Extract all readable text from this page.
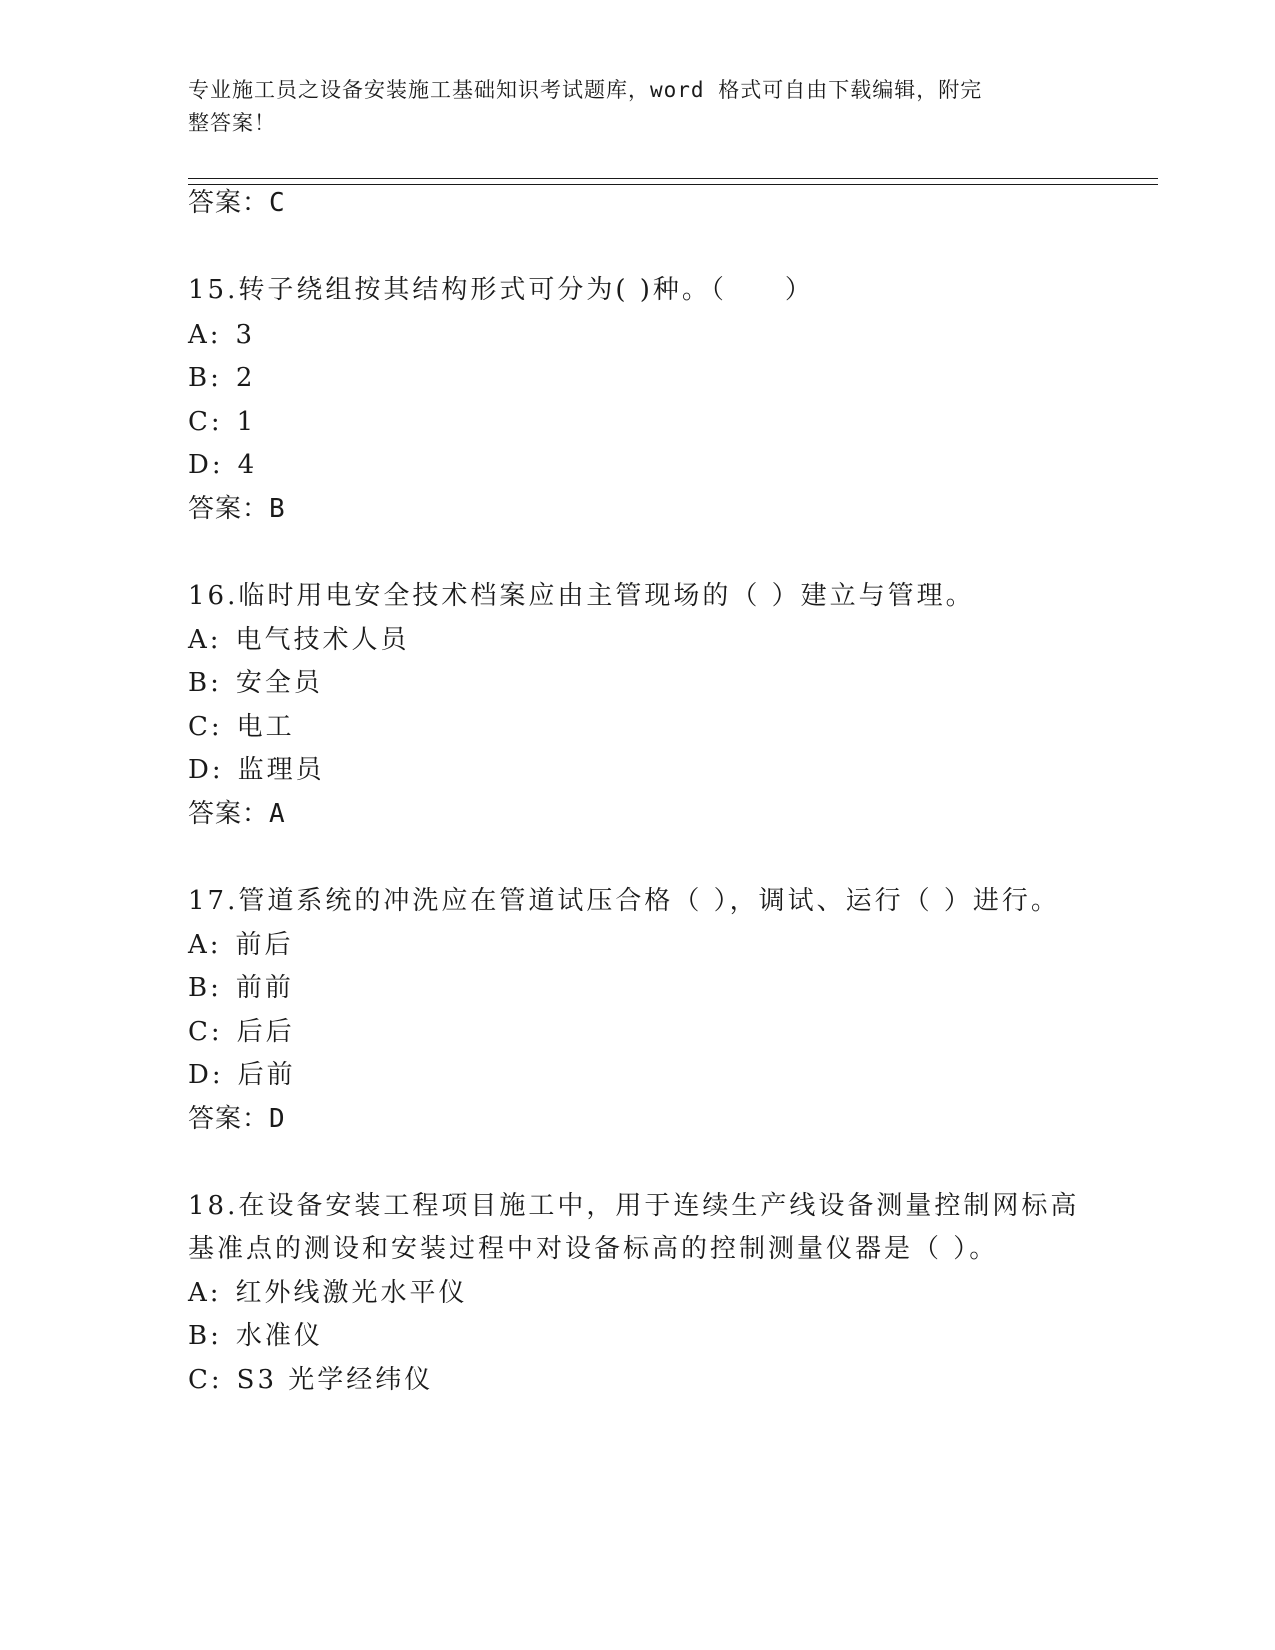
专业施工员之设备安装施工基础知识考试题库，word 格式可自由下载编辑，附完
整答案！
答案：C
15.转子绕组按其结构形式可分为( )种。（　　）
A: 3
B: 2
C: 1
D: 4
答案：B
16.临时用电安全技术档案应由主管现场的（ ）建立与管理。
A: 电气技术人员
B: 安全员
C: 电工
D: 监理员
答案：A
17.管道系统的冲洗应在管道试压合格（ ），调试、运行（ ）进行。
A: 前后
B: 前前
C: 后后
D: 后前
答案：D
18.在设备安装工程项目施工中，用于连续生产线设备测量控制网标高
基准点的测设和安装过程中对设备标高的控制测量仪器是（ ）。
A: 红外线激光水平仪
B: 水准仪
C: S3 光学经纬仪
